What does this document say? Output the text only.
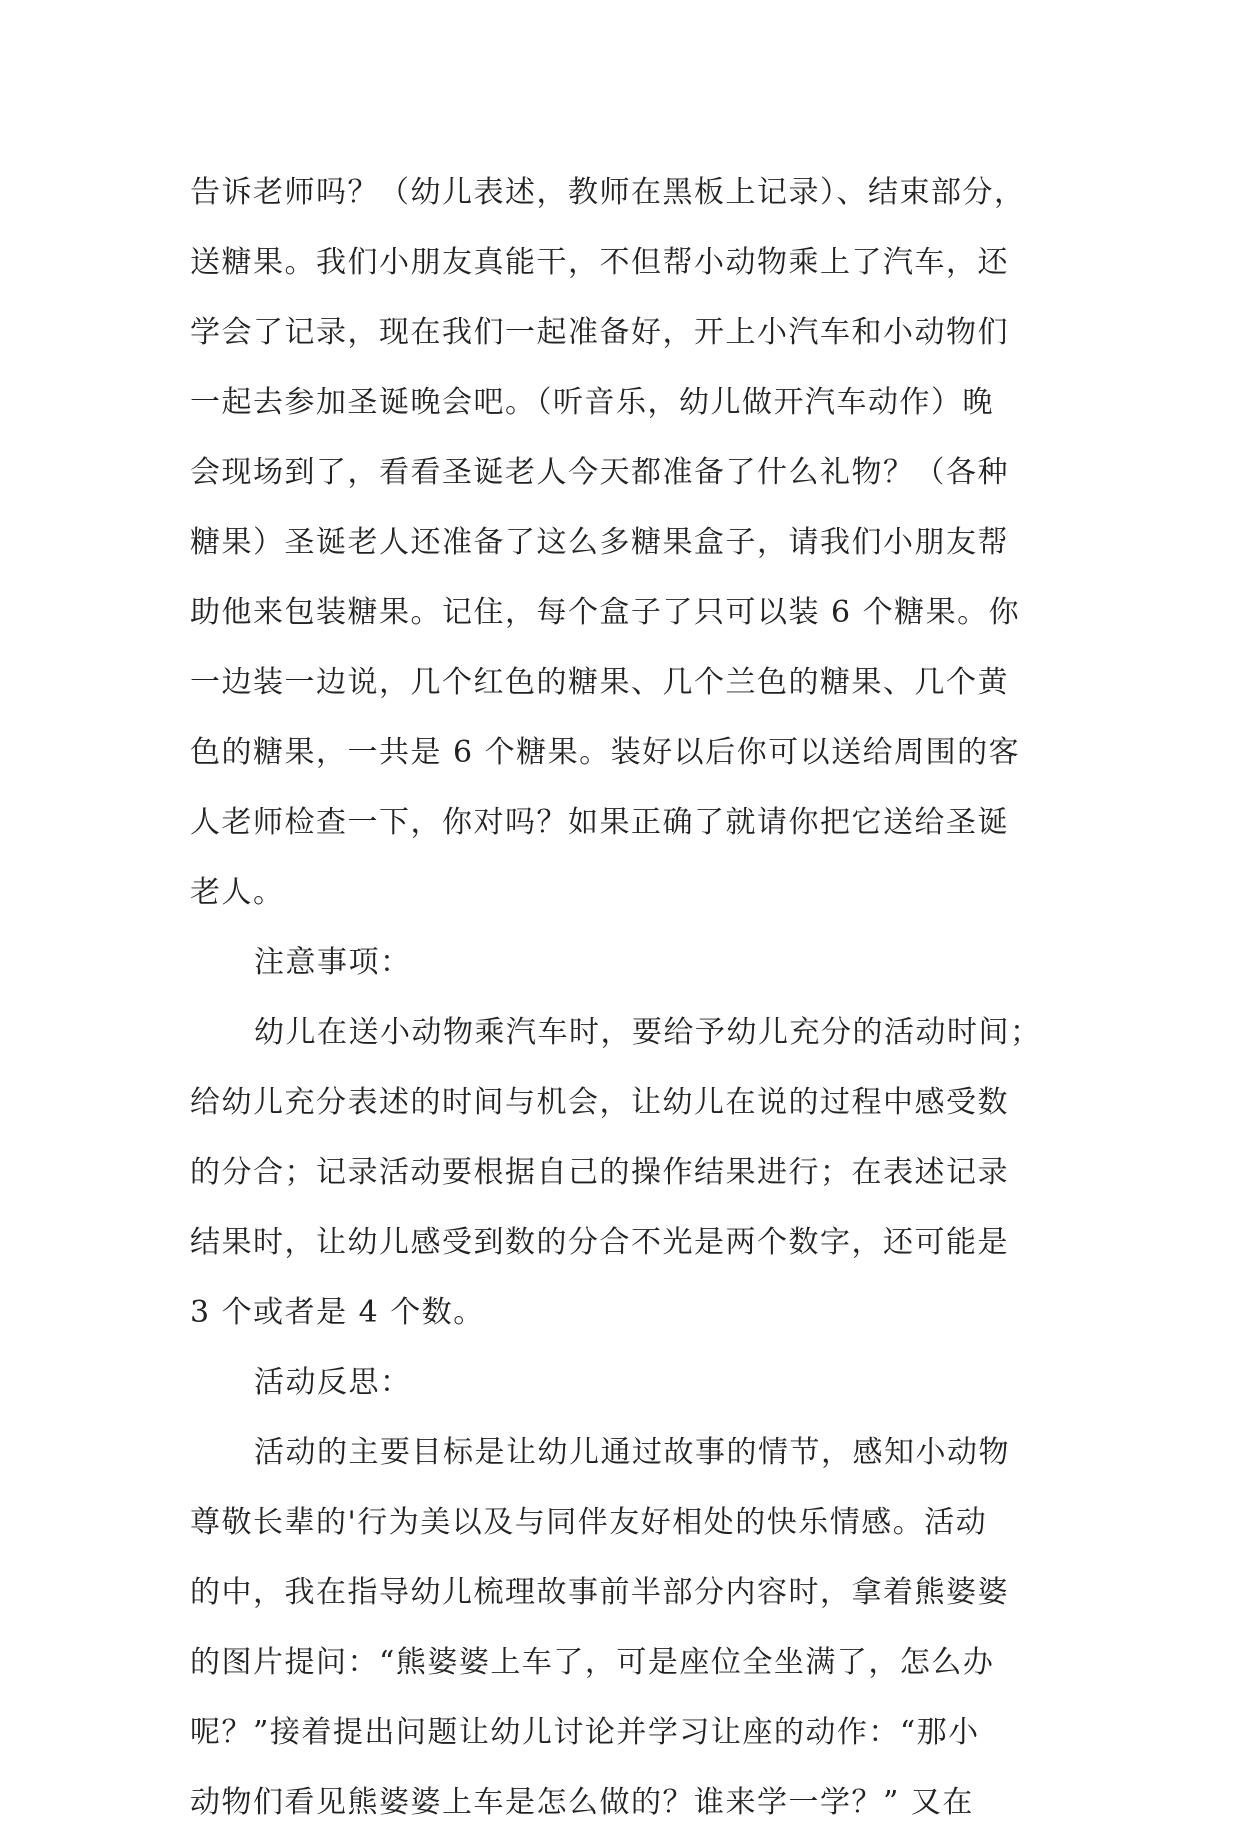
告诉老师吗？（幼儿表述，教师在黑板上记录）、结束部分，
送糖果。我们小朋友真能干，不但帮小动物乘上了汽车，还
学会了记录，现在我们一起准备好，开上小汽车和小动物们
一起去参加圣诞晚会吧。（听音乐，幼儿做开汽车动作）晚
会现场到了，看看圣诞老人今天都准备了什么礼物？（各种
糖果）圣诞老人还准备了这么多糖果盒子，请我们小朋友帮
助他来包装糖果。记住，每个盒子了只可以装 6 个糖果。你
一边装一边说，几个红色的糖果、几个兰色的糖果、几个黄
色的糖果，一共是 6 个糖果。装好以后你可以送给周围的客
人老师检查一下，你对吗？如果正确了就请你把它送给圣诞
老人。
注意事项：
幼儿在送小动物乘汽车时，要给予幼儿充分的活动时间；
给幼儿充分表述的时间与机会，让幼儿在说的过程中感受数
的分合；记录活动要根据自己的操作结果进行；在表述记录
结果时，让幼儿感受到数的分合不光是两个数字，还可能是
3 个或者是 4 个数。
活动反思：
活动的主要目标是让幼儿通过故事的情节，感知小动物
尊敬长辈的'行为美以及与同伴友好相处的快乐情感。活动
的中，我在指导幼儿梳理故事前半部分内容时，拿着熊婆婆
的图片提问：“熊婆婆上车了，可是座位全坐满了，怎么办
呢？”接着提出问题让幼儿讨论并学习让座的动作：“那小
动物们看见熊婆婆上车是怎么做的？谁来学一学？” 又在
